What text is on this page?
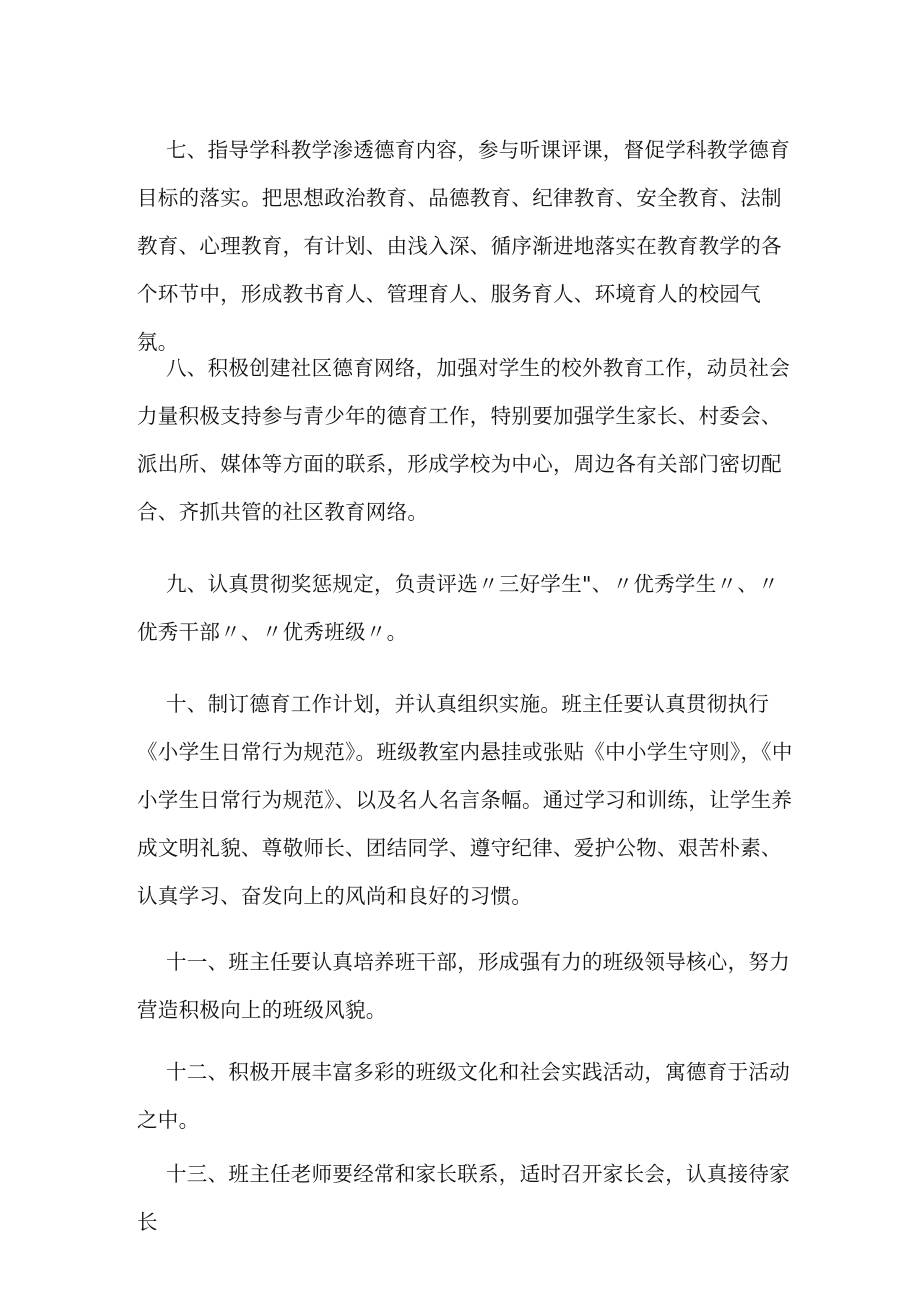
七、指导学科教学渗透德育内容，参与听课评课，督促学科教学德育目标的落实。把思想政治教育、品德教育、纪律教育、安全教育、法制教育、心理教育，有计划、由浅入深、循序渐进地落实在教育教学的各个环节中，形成教书育人、管理育人、服务育人、环境育人的校园气氛。

八、积极创建社区德育网络，加强对学生的校外教育工作，动员社会力量积极支持参与青少年的德育工作，特别要加强学生家长、村委会、派出所、媒体等方面的联系，形成学校为中心，周边各有关部门密切配合、齐抓共管的社区教育网络。

九、认真贯彻奖惩规定，负责评选〃三好学生"、〃优秀学生〃、〃优秀干部〃、〃优秀班级〃。

十、制订德育工作计划，并认真组织实施。班主任要认真贯彻执行《小学生日常行为规范》。班级教室内悬挂或张贴《中小学生守则》，《中小学生日常行为规范》、以及名人名言条幅。通过学习和训练，让学生养成文明礼貌、尊敬师长、团结同学、遵守纪律、爱护公物、艰苦朴素、认真学习、奋发向上的风尚和良好的习惯。

十一、班主任要认真培养班干部，形成强有力的班级领导核心，努力营造积极向上的班级风貌。

十二、积极开展丰富多彩的班级文化和社会实践活动，寓德育于活动之中。

十三、班主任老师要经常和家长联系，适时召开家长会，认真接待家长
